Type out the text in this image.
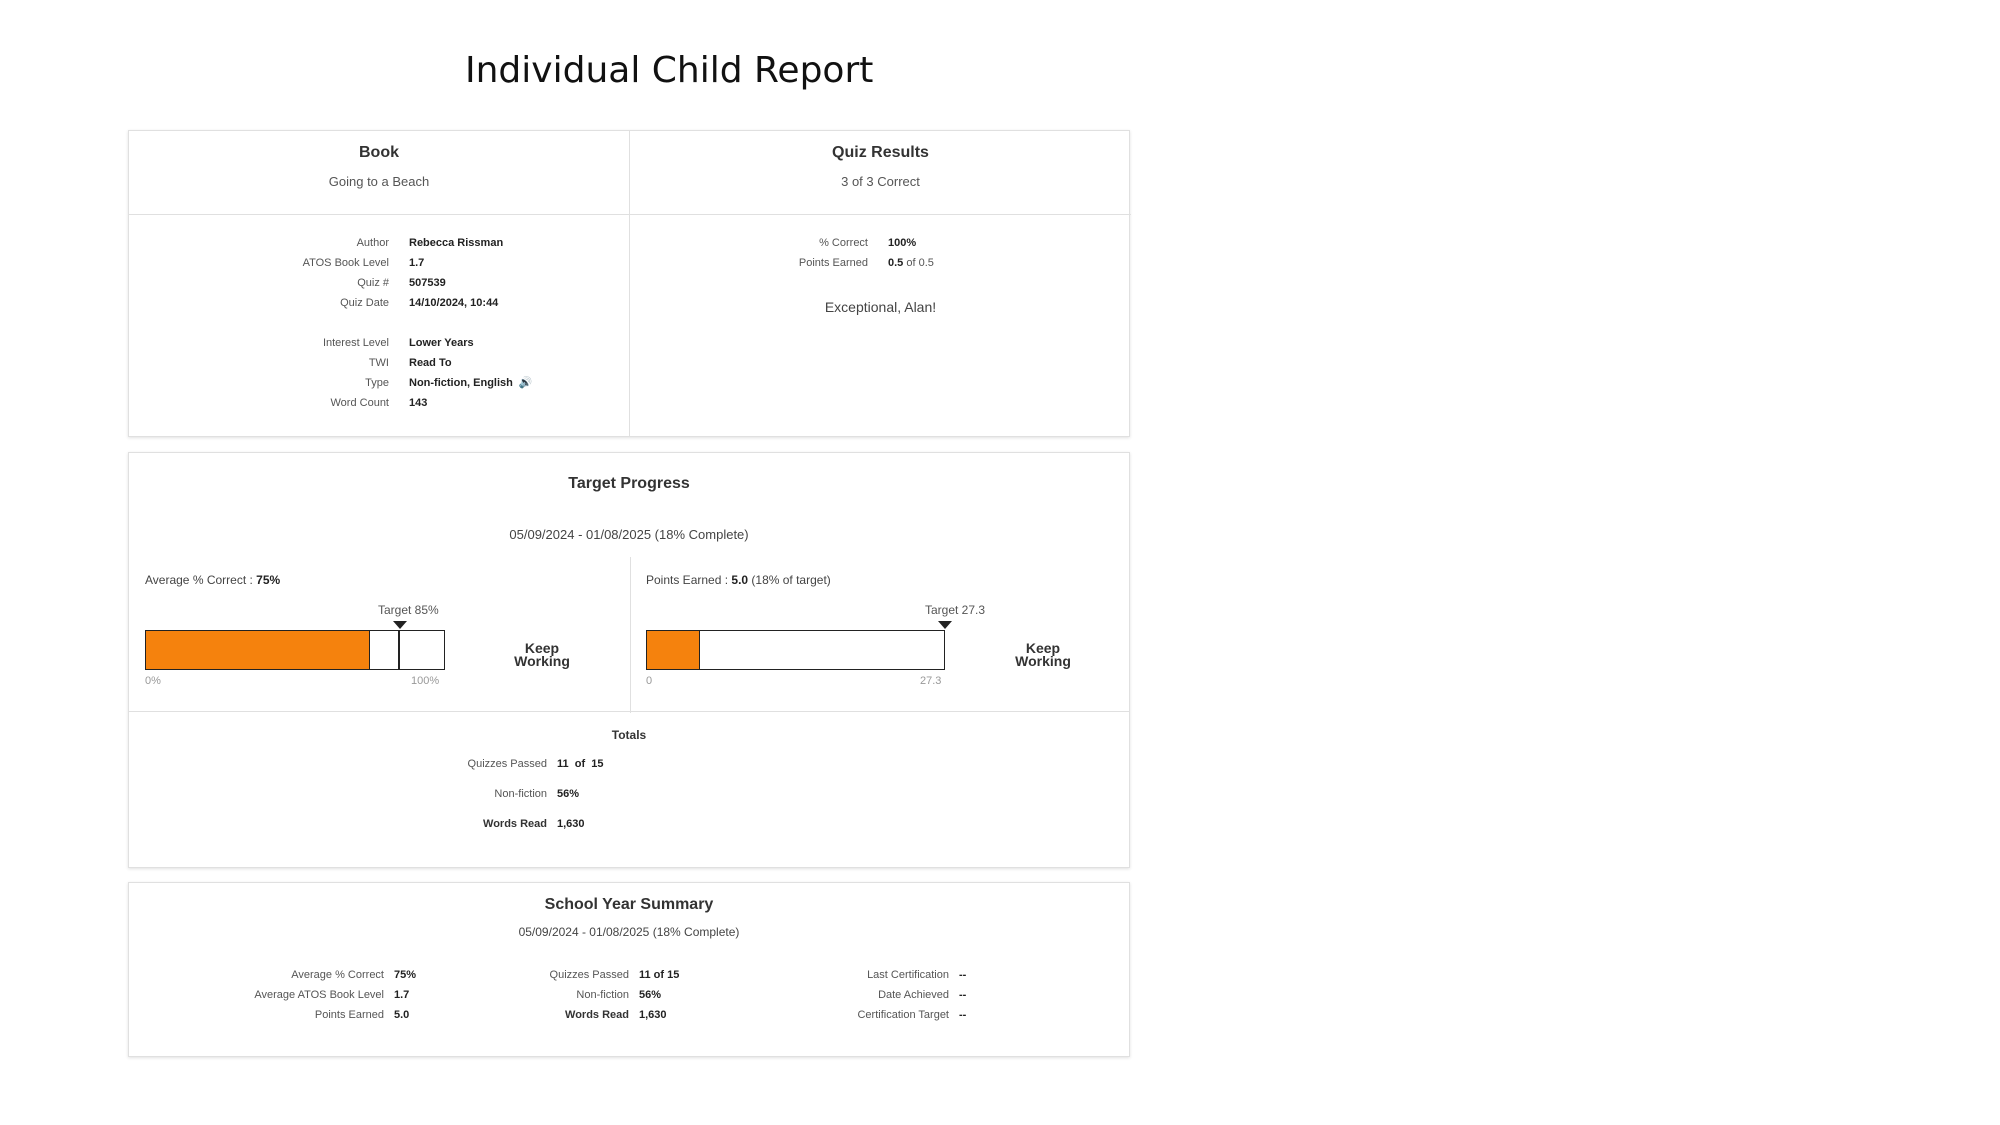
Individual Child Report
Book
Going to a Beach
Author	Rebecca Rissman
ATOS Book Level	1.7
Quiz #	507539
Quiz Date	14/10/2024, 10:44
Interest Level	Lower Years
TWI	Read To
Type	Non-fiction, English 🔊
Word Count	143
Quiz Results
3 of 3 Correct
% Correct	100%
Points Earned	0.5 of 0.5
Exceptional, Alan!
Target Progress
05/09/2024 - 01/08/2025 (18% Complete)
Average % Correct : 75%
Target 85%
0%	100%
Keep Working
Points Earned : 5.0 (18% of target)
Target 27.3
0	27.3
Keep Working
Totals
Quizzes Passed 11  of  15
Non-fiction 56%
Words Read 1,630
School Year Summary
05/09/2024 - 01/08/2025 (18% Complete)
Average % Correct 75%
Average ATOS Book Level 1.7
Points Earned 5.0
Quizzes Passed 11 of 15
Non-fiction 56%
Words Read 1,630
Last Certification --
Date Achieved --
Certification Target --
